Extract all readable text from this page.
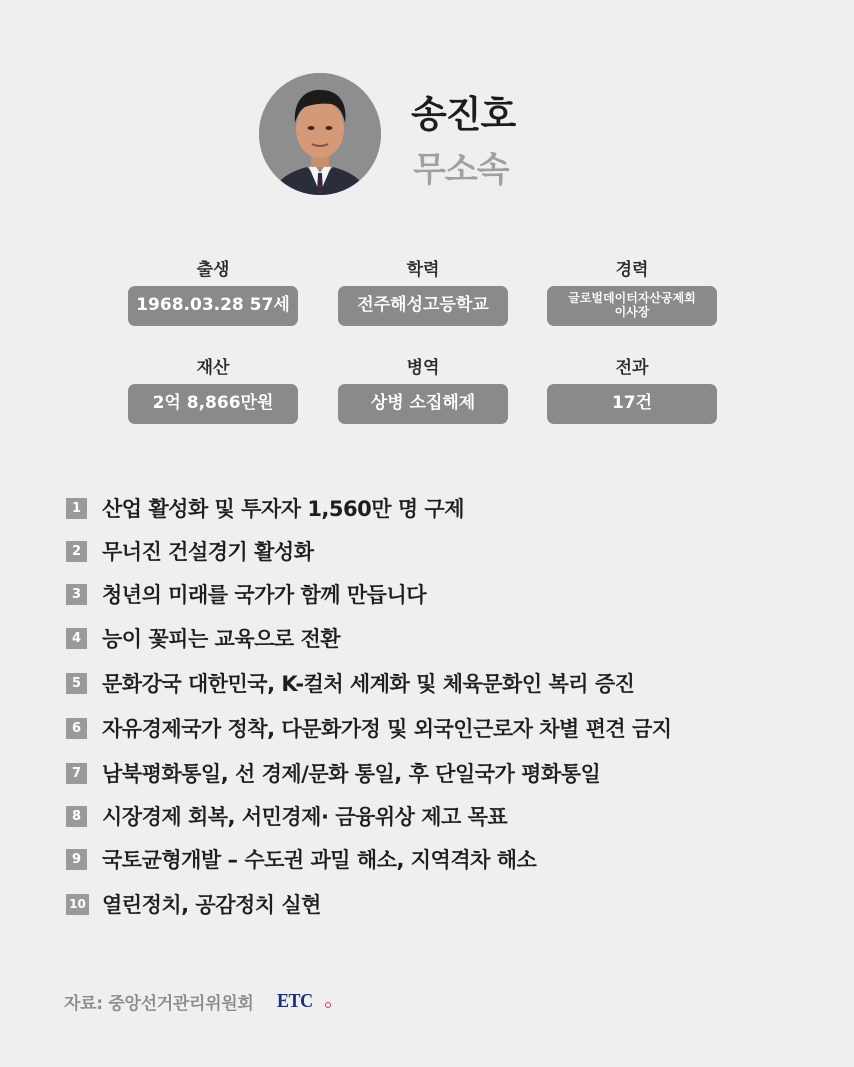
송진호
무소속
출생
1968.03.28 57세
학력
전주해성고등학교
경력
글로벌데이터자산공제회
이사장
재산
2억 8,866만원
병역
상병 소집해제
전과
17건
1 산업 활성화 및 투자자 1,560만 명 구제
2 무너진 건설경기 활성화
3 청년의 미래를 국가가 함께 만듭니다
4 능이 꽃피는 교육으로 전환
5 문화강국 대한민국, K-컬처 세계화 및 체육문화인 복리 증진
6 자유경제국가 정착, 다문화가정 및 외국인근로자 차별 편견 금지
7 남북평화통일, 선 경제/문화 통일, 후 단일국가 평화통일
8 시장경제 회복, 서민경제· 금융위상 제고 목표
9 국토균형개발 – 수도권 과밀 해소, 지역격차 해소
10 열린정치, 공감정치 실현
자료: 중앙선거관리위원회 ETC
